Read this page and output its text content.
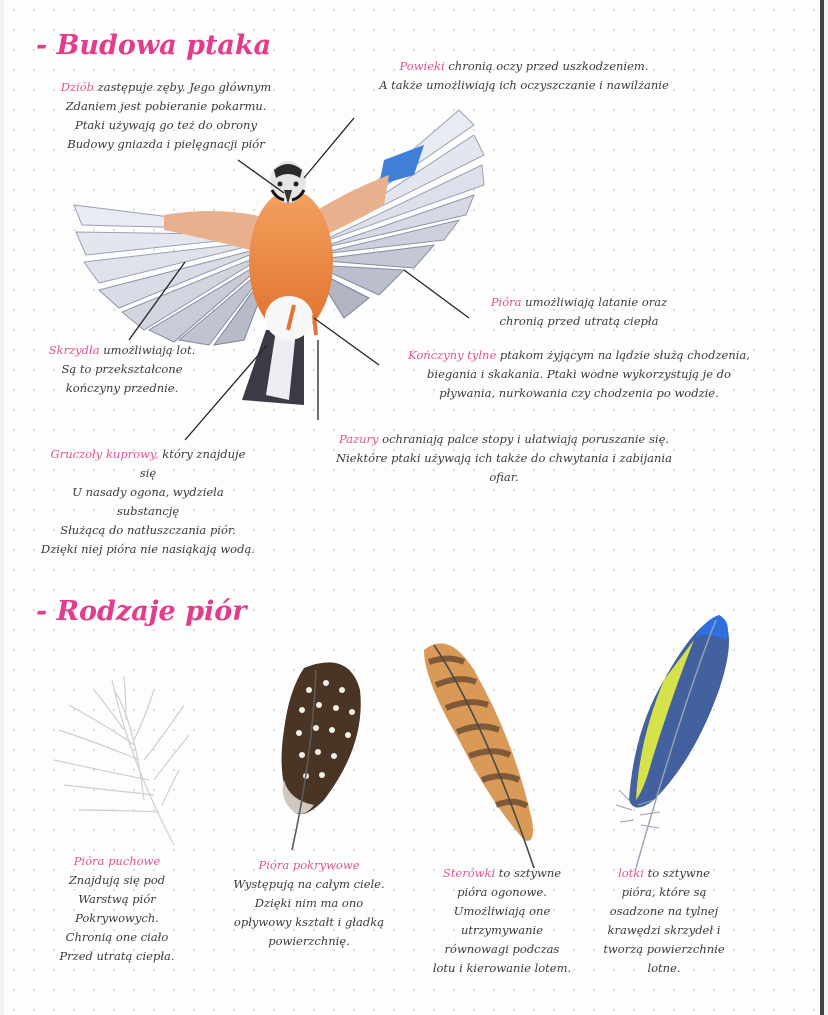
- Budowa ptaka
- Rodzaje piór
Dziób zastępuje zęby. Jego głównym
Zdaniem jest pobieranie pokarmu.
Ptaki używają go też do obrony
Budowy gniazda i pielęgnacji piór
Powieki chronią oczy przed uszkodzeniem.
A także umożliwiają ich oczyszczanie i nawilżanie
Pióra umożliwiają latanie oraz
chronią przed utratą ciepła
Skrzydła umożliwiają lot.
Są to przekształcone
kończyny przednie.
Kończyny tylne ptakom żyjącym na lądzie służą chodzenia,
biegania i skakania. Ptaki wodne wykorzystują je do
pływania, nurkowania czy chodzenia po wodzie.
Gruczoły kuprowy, który znajduje
się
U nasady ogona, wydziela
substancję
Służącą do natłuszczania piór.
Dzięki niej pióra nie nasiąkają wodą.
Pazury ochraniają palce stopy i ułatwiają poruszanie się.
Niektóre ptaki używają ich także do chwytania i zabijania
ofiar.
Pióra puchowe
Znajdują się pod
Warstwą piór
Pokrywowych.
Chronią one ciało
Przed utratą ciepła.
Pióra pokrywowe
Występują na całym ciele.
Dzięki nim ma ono
opływowy kształt i gładką
powierzchnię.
Sterówki to sztywne
pióra ogonowe.
Umożliwiają one
utrzymywanie
równowagi podczas
lotu i kierowanie lotem.
lotki to sztywne
pióra, które są
osadzone na tylnej
krawędzi skrzydeł i
tworzą powierzchnie
lotne.
